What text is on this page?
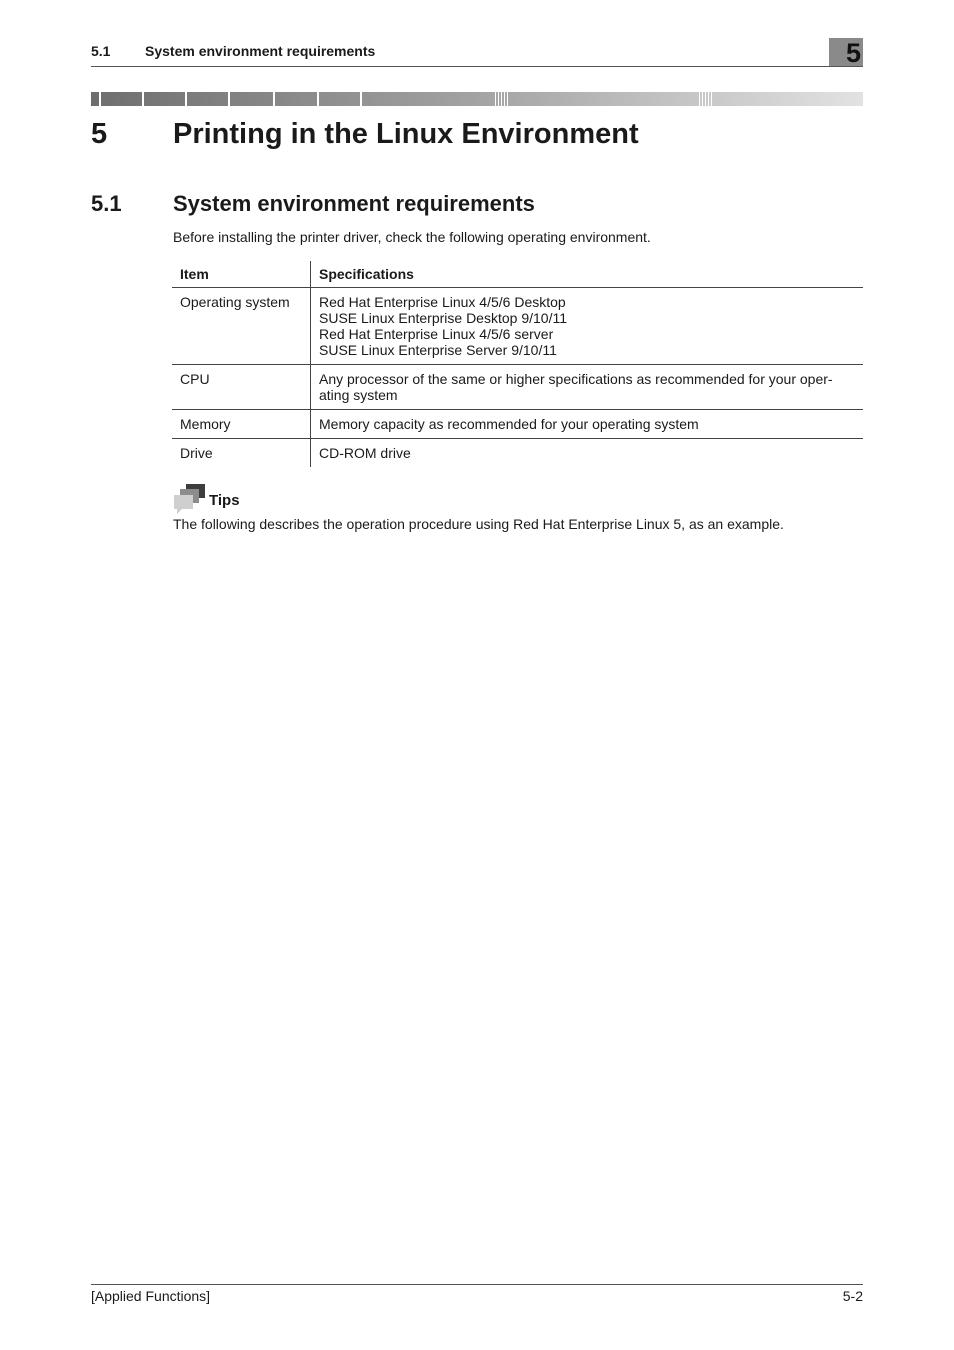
5.1 System environment requirements	5
5 Printing in the Linux Environment
5.1 System environment requirements
Before installing the printer driver, check the following operating environment.
Item	Specifications
Operating system	Red Hat Enterprise Linux 4/5/6 Desktop
SUSE Linux Enterprise Desktop 9/10/11
Red Hat Enterprise Linux 4/5/6 server
SUSE Linux Enterprise Server 9/10/11

CPU	Any processor of the same or higher specifications as recommended for your oper-
ating system

Memory	Memory capacity as recommended for your operating system

Drive	CD-ROM drive
Tips
The following describes the operation procedure using Red Hat Enterprise Linux 5, as an example.
[Applied Functions]	5-2
